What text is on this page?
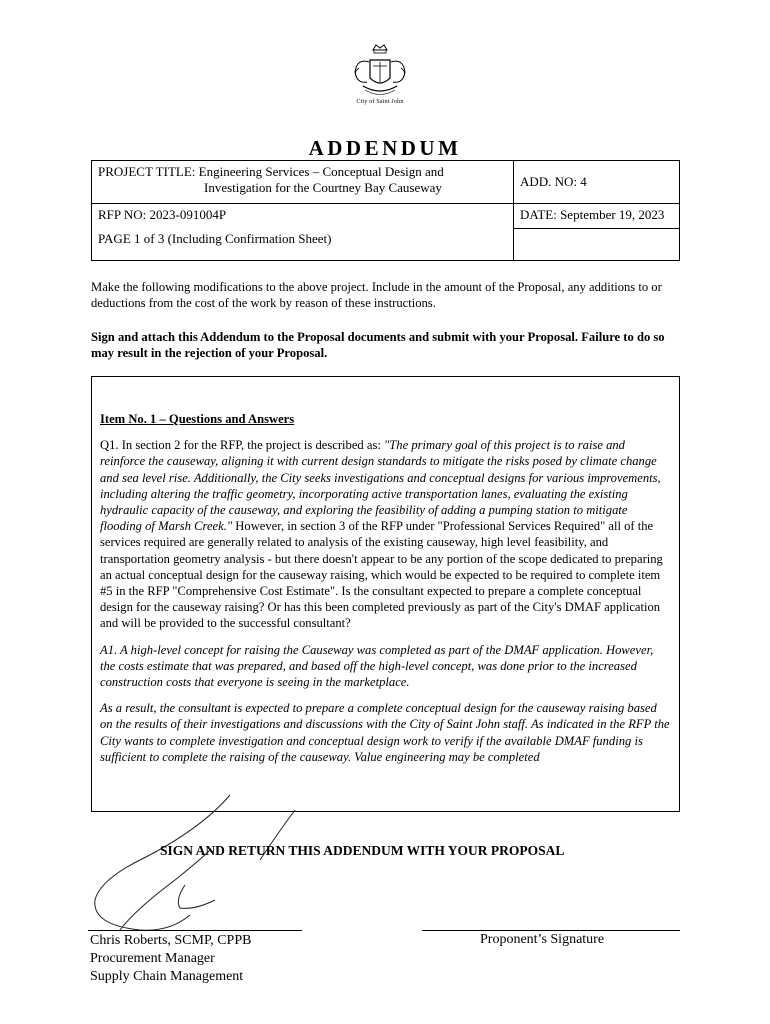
City of Saint John
ADDENDUM
PROJECT TITLE: Engineering Services – Conceptual Design and
Investigation for the Courtney Bay Causeway	ADD. NO: 4
RFP NO: 2023-091004P	DATE: September 19, 2023
PAGE 1 of 3 (Including Confirmation Sheet)	
Make the following modifications to the above project. Include in the amount of the Proposal, any additions to or deductions from the cost of the work by reason of these instructions.
Sign and attach this Addendum to the Proposal documents and submit with your Proposal. Failure to do so may result in the rejection of your Proposal.
Item No. 1 – Questions and Answers

Q1. In section 2 for the RFP, the project is described as: "The primary goal of this project is to raise and reinforce the causeway, aligning it with current design standards to mitigate the risks posed by climate change and sea level rise. Additionally, the City seeks investigations and conceptual designs for various improvements, including altering the traffic geometry, incorporating active transportation lanes, evaluating the existing hydraulic capacity of the causeway, and exploring the feasibility of adding a pumping station to mitigate flooding of Marsh Creek." However, in section 3 of the RFP under "Professional Services Required" all of the services required are generally related to analysis of the existing causeway, high level feasibility, and transportation geometry analysis - but there doesn't appear to be any portion of the scope dedicated to preparing an actual conceptual design for the causeway raising, which would be expected to be required to complete item #5 in the RFP "Comprehensive Cost Estimate". Is the consultant expected to prepare a complete conceptual design for the causeway raising? Or has this been completed previously as part of the City's DMAF application and will be provided to the successful consultant?

A1. A high-level concept for raising the Causeway was completed as part of the DMAF application. However, the costs estimate that was prepared, and based off the high-level concept, was done prior to the increased construction costs that everyone is seeing in the marketplace.

As a result, the consultant is expected to prepare a complete conceptual design for the causeway raising based on the results of their investigations and discussions with the City of Saint John staff. As indicated in the RFP the City wants to complete investigation and conceptual design work to verify if the available DMAF funding is sufficient to complete the raising of the causeway. Value engineering may be completed

SIGN AND RETURN THIS ADDENDUM WITH YOUR PROPOSAL
Chris Roberts, SCMP, CPPB
Procurement Manager
Supply Chain Management
Proponent’s Signature
